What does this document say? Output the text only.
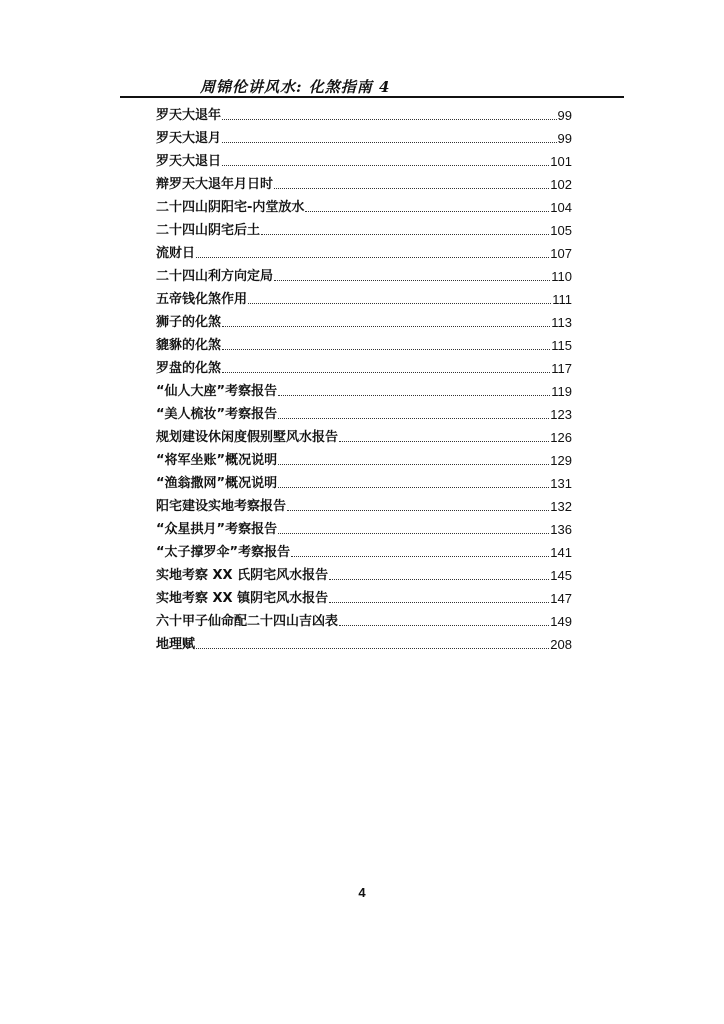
周锦伦讲风水: 化煞指南 4
罗天大退年	99
罗天大退月	99
罗天大退日	101
辩罗天大退年月日时	102
二十四山阴阳宅-内堂放水	104
二十四山阴宅后土	105
流财日	107
二十四山利方向定局	110
五帝钱化煞作用	111
狮子的化煞	113
貔貅的化煞	115
罗盘的化煞	117
“仙人大座”考察报告	119
“美人梳妆”考察报告	123
规划建设休闲度假别墅风水报告	126
“将军坐账”概况说明	129
“渔翁撒网”概况说明	131
阳宅建设实地考察报告	132
“众星拱月”考察报告	136
“太子撑罗伞”考察报告	141
实地考察 XX 氏阴宅风水报告	145
实地考察 XX 镇阴宅风水报告	147
六十甲子仙命配二十四山吉凶表	149
地理赋	208
4
